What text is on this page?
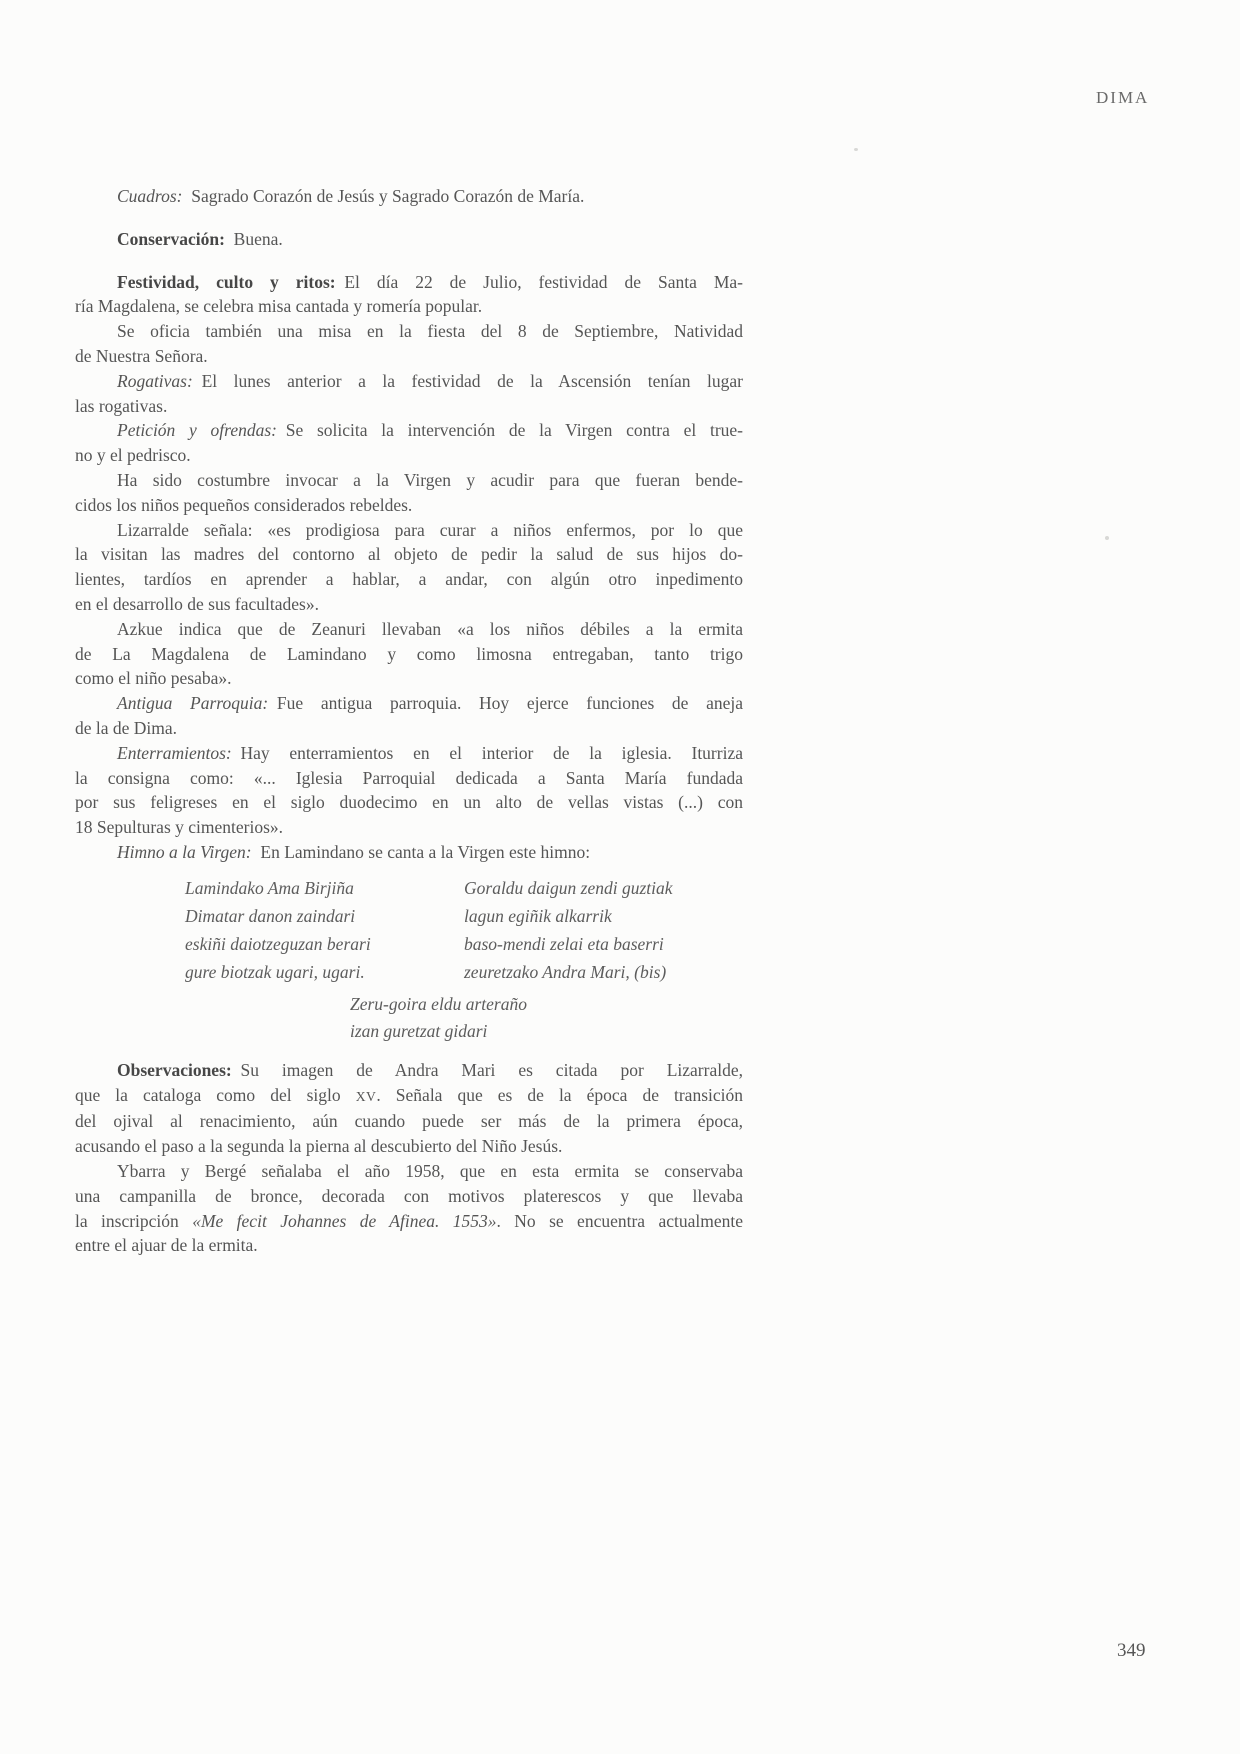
DIMA
Cuadros: Sagrado Corazón de Jesús y Sagrado Corazón de María.
Conservación: Buena.
Festividad, culto y ritos: El día 22 de Julio, festividad de Santa Ma-
ría Magdalena, se celebra misa cantada y romería popular.
Se oficia también una misa en la fiesta del 8 de Septiembre, Natividad
de Nuestra Señora.
Rogativas: El lunes anterior a la festividad de la Ascensión tenían lugar
las rogativas.
Petición y ofrendas: Se solicita la intervención de la Virgen contra el true-
no y el pedrisco.
Ha sido costumbre invocar a la Virgen y acudir para que fueran bende-
cidos los niños pequeños considerados rebeldes.
Lizarralde señala: «es prodigiosa para curar a niños enfermos, por lo que
la visitan las madres del contorno al objeto de pedir la salud de sus hijos do-
lientes, tardíos en aprender a hablar, a andar, con algún otro inpedimento
en el desarrollo de sus facultades».
Azkue indica que de Zeanuri llevaban «a los niños débiles a la ermita
de La Magdalena de Lamindano y como limosna entregaban, tanto trigo
como el niño pesaba».
Antigua Parroquia: Fue antigua parroquia. Hoy ejerce funciones de aneja
de la de Dima.
Enterramientos: Hay enterramientos en el interior de la iglesia. Iturriza
la consigna como: «... Iglesia Parroquial dedicada a Santa María fundada
por sus feligreses en el siglo duodecimo en un alto de vellas vistas (...) con
18 Sepulturas y cimenterios».
Himno a la Virgen: En Lamindano se canta a la Virgen este himno:
Goraldu daigun zendi guztiak
lagun egiñik alkarrik
baso-mendi zelai eta baserri
zeuretzako Andra Mari, (bis)
Lamindako Ama Birjiña
Dimatar danon zaindari
eskiñi daiotzeguzan berari
gure biotzak ugari, ugari.
Zeru-goira eldu arteraño
izan guretzat gidari
Observaciones: Su imagen de Andra Mari es citada por Lizarralde,
que la cataloga como del siglo XV. Señala que es de la época de transición
del ojival al renacimiento, aún cuando puede ser más de la primera época,
acusando el paso a la segunda la pierna al descubierto del Niño Jesús.
Ybarra y Bergé señalaba el año 1958, que en esta ermita se conservaba
una campanilla de bronce, decorada con motivos platerescos y que llevaba
la inscripción «Me fecit Johannes de Afinea. 1553». No se encuentra actualmente
entre el ajuar de la ermita.
349
